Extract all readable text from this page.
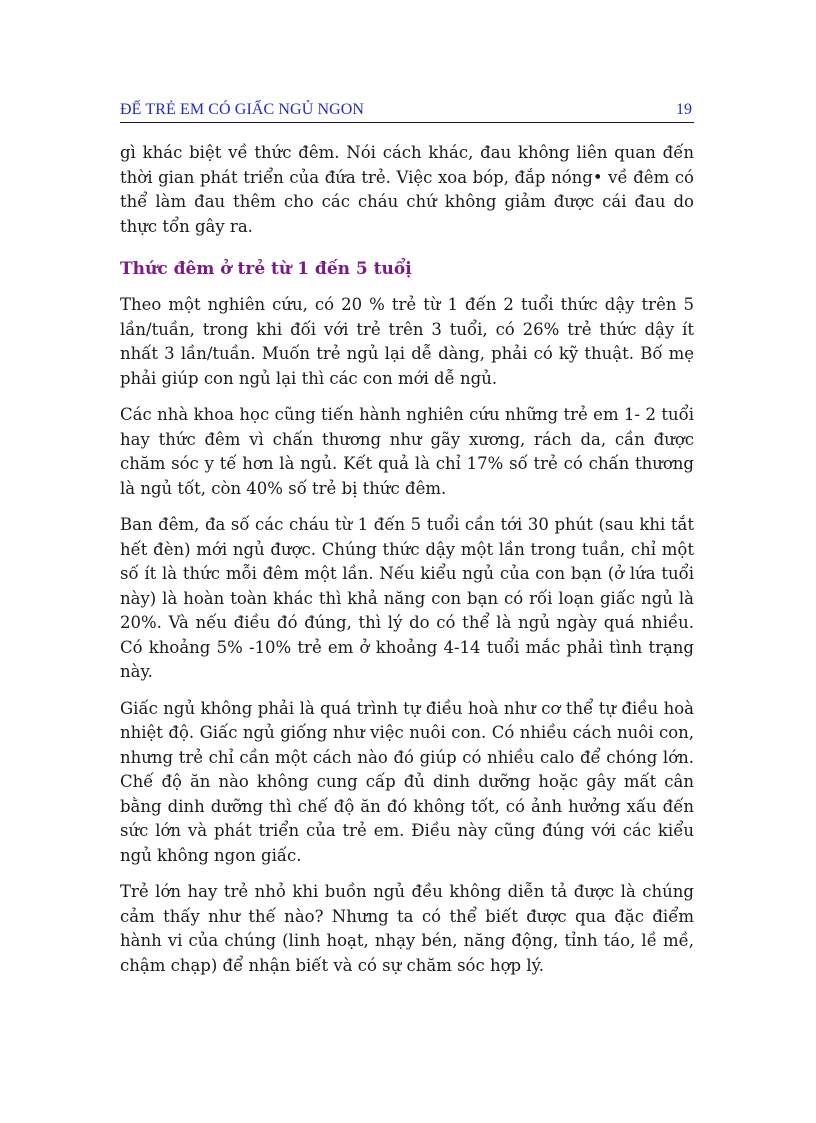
ĐỂ TRẺ EM CÓ GIẤC NGỦ NGON	19

gì khác biệt về thức đêm. Nói cách khác, đau không liên quan đến thời gian phát triển của đứa trẻ. Việc xoa bóp, đắp nóng• về đêm có thể làm đau thêm cho các cháu chứ không giảm được cái đau do thực tổn gây ra.

Thức đêm ở trẻ từ 1 đến 5 tuổị

Theo một nghiên cứu, có 20 % trẻ từ 1 đến 2 tuổi thức dậy trên 5 lần/tuần, trong khi đối với trẻ trên 3 tuổi, có 26% trẻ thức dậy ít nhất 3 lần/tuần. Muốn trẻ ngủ lại dễ dàng, phải có kỹ thuật. Bố mẹ phải giúp con ngủ lại thì các con mới dễ ngủ.

Các nhà khoa học cũng tiến hành nghiên cứu những trẻ em 1- 2 tuổi hay thức đêm vì chấn thương như gãy xương, rách da, cần được chăm sóc y tế hơn là ngủ. Kết quả là chỉ 17% số trẻ có chấn thương là ngủ tốt, còn 40% số trẻ bị thức đêm.

Ban đêm, đa số các cháu từ 1 đến 5 tuổi cần tới 30 phút (sau khi tắt hết đèn) mới ngủ được. Chúng thức dậy một lần trong tuần, chỉ một số ít là thức mỗi đêm một lần. Nếu kiểu ngủ của con bạn (ở lứa tuổi này) là hoàn toàn khác thì khả năng con bạn có rối loạn giấc ngủ là 20%. Và nếu điều đó đúng, thì lý do có thể là ngủ ngày quá nhiều. Có khoảng 5% -10% trẻ em ở khoảng 4-14 tuổi mắc phải tình trạng này.

Giấc ngủ không phải là quá trình tự điều hoà như cơ thể tự điều hoà nhiệt độ. Giấc ngủ giống như việc nuôi con. Có nhiều cách nuôi con, nhưng trẻ chỉ cần một cách nào đó giúp có nhiều calo để chóng lớn. Chế độ ăn nào không cung cấp đủ dinh dưỡng hoặc gây mất cân bằng dinh dưỡng thì chế độ ăn đó không tốt, có ảnh hưởng xấu đến sức lớn và phát triển của trẻ em. Điều này cũng đúng với các kiểu ngủ không ngon giấc.

Trẻ lớn hay trẻ nhỏ khi buồn ngủ đều không diễn tả được là chúng cảm thấy như thế nào? Nhưng ta có thể biết được qua đặc điểm hành vi của chúng (linh hoạt, nhạy bén, năng động, tỉnh táo, lề mề, chậm chạp) để nhận biết và có sự chăm sóc hợp lý.
